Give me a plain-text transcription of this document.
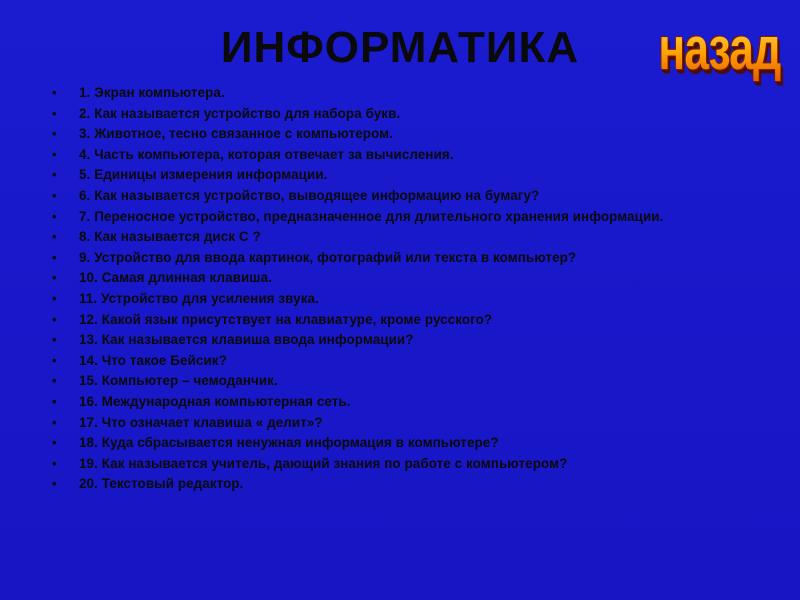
ИНФОРМАТИКА	назад
• 1. Экран компьютера.
• 2. Как называется устройство для набора букв.
• 3. Животное, тесно связанное с компьютером.
• 4. Часть компьютера, которая отвечает за вычисления.
• 5. Единицы измерения информации.
• 6. Как называется устройство, выводящее информацию на бумагу?
• 7. Переносное устройство, предназначенное для длительного хранения информации.
• 8. Как называется диск С ?
• 9. Устройство для ввода картинок, фотографий или текста в компьютер?
• 10. Самая длинная клавиша.
• 11. Устройство для усиления звука.
• 12. Какой язык присутствует на клавиатуре, кроме русского?
• 13. Как называется клавиша ввода информации?
• 14. Что такое Бейсик?
• 15. Компьютер – чемоданчик.
• 16. Международная компьютерная сеть.
• 17. Что означает клавиша « делит»?
• 18. Куда сбрасывается ненужная информация в компьютере?
• 19. Как называется учитель, дающий знания по работе с компьютером?
• 20. Текстовый редактор.
